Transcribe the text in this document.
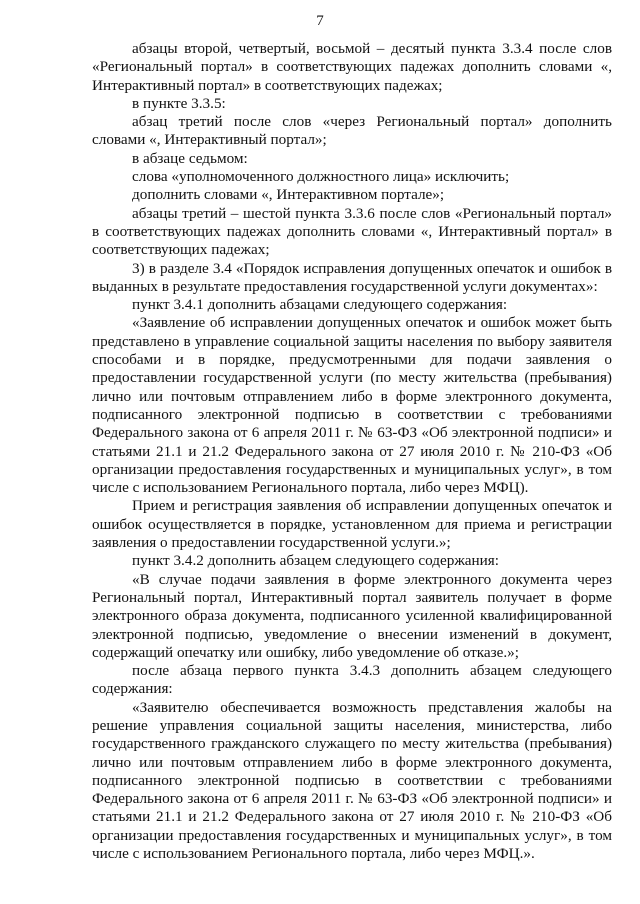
7

абзацы второй, четвертый, восьмой – десятый пункта 3.3.4 после слов «Региональный портал» в соответствующих падежах дополнить словами «, Интерактивный портал» в соответствующих падежах;

в пункте 3.3.5:

абзац третий после слов «через Региональный портал» дополнить словами «, Интерактивный портал»;

в абзаце седьмом:

слова «уполномоченного должностного лица» исключить;

дополнить словами «, Интерактивном портале»;

абзацы третий – шестой пункта 3.3.6 после слов «Региональный портал» в соответствующих падежах дополнить словами «, Интерактивный портал» в соответствующих падежах;

3) в разделе 3.4 «Порядок исправления допущенных опечаток и ошибок в выданных в результате предоставления государственной услуги документах»:

пункт 3.4.1 дополнить абзацами следующего содержания:

«Заявление об исправлении допущенных опечаток и ошибок может быть представлено в управление социальной защиты населения по выбору заявителя способами и в порядке, предусмотренными для подачи заявления о предоставлении государственной услуги (по месту жительства (пребывания) лично или почтовым отправлением либо в форме электронного документа, подписанного электронной подписью в соответствии с требованиями Федерального закона от 6 апреля 2011 г. № 63-ФЗ «Об электронной подписи» и статьями 21.1 и 21.2 Федерального закона от 27 июля 2010 г. № 210-ФЗ «Об организации предоставления государственных и муниципальных услуг», в том числе с использованием Регионального портала, либо через МФЦ).

Прием и регистрация заявления об исправлении допущенных опечаток и ошибок осуществляется в порядке, установленном для приема и регистрации заявления о предоставлении государственной услуги.»;

пункт 3.4.2 дополнить абзацем следующего содержания:

«В случае подачи заявления в форме электронного документа через Региональный портал, Интерактивный портал заявитель получает в форме электронного образа документа, подписанного усиленной квалифицированной электронной подписью, уведомление о внесении изменений в документ, содержащий опечатку или ошибку, либо уведомление об отказе.»;

после абзаца первого пункта 3.4.3 дополнить абзацем следующего содержания:

«Заявителю обеспечивается возможность представления жалобы на решение управления социальной защиты населения, министерства, либо государственного гражданского служащего по месту жительства (пребывания) лично или почтовым отправлением либо в форме электронного документа, подписанного электронной подписью в соответствии с требованиями Федерального закона от 6 апреля 2011 г. № 63-ФЗ «Об электронной подписи» и статьями 21.1 и 21.2 Федерального закона от 27 июля 2010 г. № 210-ФЗ «Об организации предоставления государственных и муниципальных услуг», в том числе с использованием Регионального портала, либо через МФЦ.».
